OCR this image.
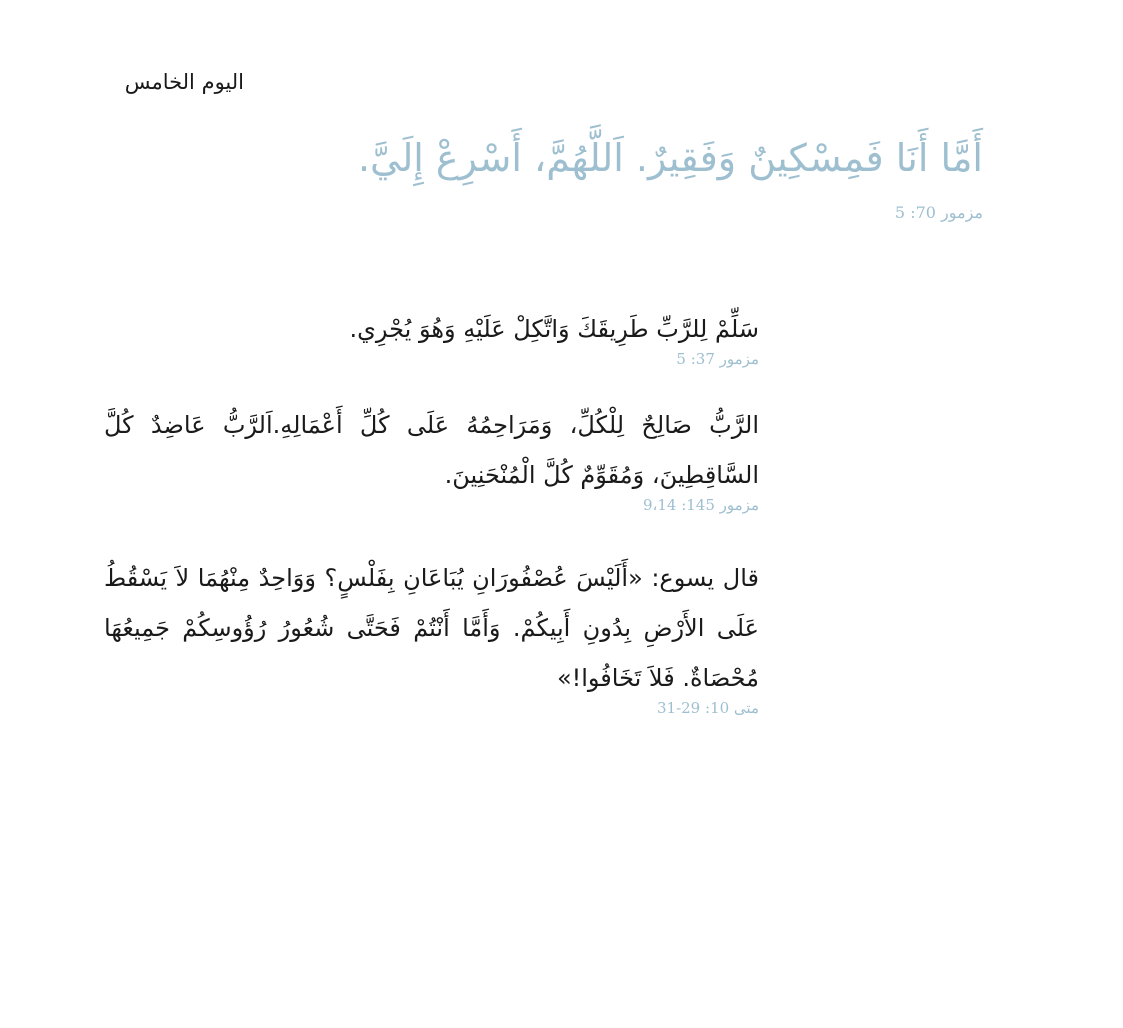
اليوم الخامس
أَمَّا أَنَا فَمِسْكِينٌ وَفَقِيرٌ. اَللَّهُمَّ، أَسْرِعْ إِلَيَّ.
مزمور 70: 5

سَلِّمْ لِلرَّبِّ طَرِيقَكَ وَاتَّكِلْ عَلَيْهِ وَهُوَ يُجْرِي.

مزمور 37: 5

الرَّبُّ صَالِحٌ لِلْكُلِّ، وَمَرَاحِمُهُ عَلَى كُلِّ أَعْمَالِهِ.اَلرَّبُّ عَاضِدٌ كُلَّ السَّاقِطِينَ، وَمُقَوِّمٌ كُلَّ الْمُنْحَنِينَ.

مزمور 145: 9،14

قال يسوع: «أَلَيْسَ عُصْفُورَانِ يُبَاعَانِ بِفَلْسٍ؟ وَوَاحِدٌ مِنْهُمَا لاَ يَسْقُطُ عَلَى الأَرْضِ بِدُونِ أَبِيكُمْ. وَأَمَّا أَنْتُمْ فَحَتَّى شُعُورُ رُؤُوسِكُمْ جَمِيعُهَا مُحْصَاةٌ. فَلاَ تَخَافُوا!»

متى 10: 29-31
